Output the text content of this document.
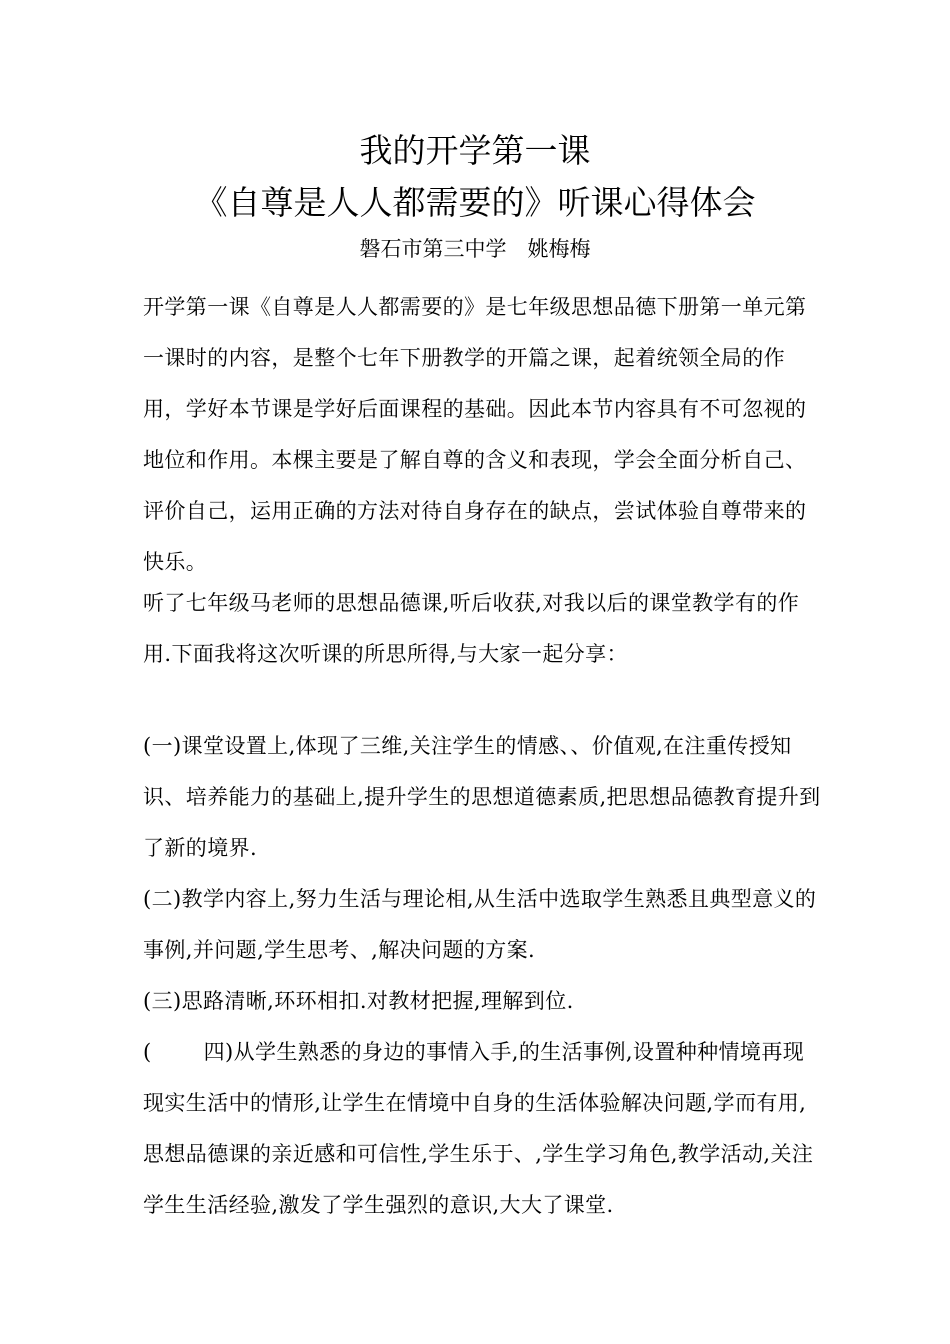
我的开学第一课
《自尊是人人都需要的》听课心得体会
磐石市第三中学　姚梅梅

开学第一课《自尊是人人都需要的》是七年级思想品德下册第一单元第一课时的内容，是整个七年下册教学的开篇之课，起着统领全局的作用，学好本节课是学好后面课程的基础。因此本节内容具有不可忽视的地位和作用。本棵主要是了解自尊的含义和表现，学会全面分析自己、评价自己，运用正确的方法对待自身存在的缺点，尝试体验自尊带来的快乐。

听了七年级马老师的思想品德课,听后收获,对我以后的课堂教学有的作用.下面我将这次听课的所思所得,与大家一起分享：

(一)课堂设置上,体现了三维,关注学生的情感、、价值观,在注重传授知识、培养能力的基础上,提升学生的思想道德素质,把思想品德教育提升到了新的境界.

(二)教学内容上,努力生活与理论相,从生活中选取学生熟悉且典型意义的事例,并问题,学生思考、,解决问题的方案.

(三)思路清晰,环环相扣.对教材把握,理解到位.

( 四)从学生熟悉的身边的事情入手,的生活事例,设置种种情境再现现实生活中的情形,让学生在情境中自身的生活体验解决问题,学而有用,思想品德课的亲近感和可信性,学生乐于、,学生学习角色,教学活动,关注学生生活经验,激发了学生强烈的意识,大大了课堂.
